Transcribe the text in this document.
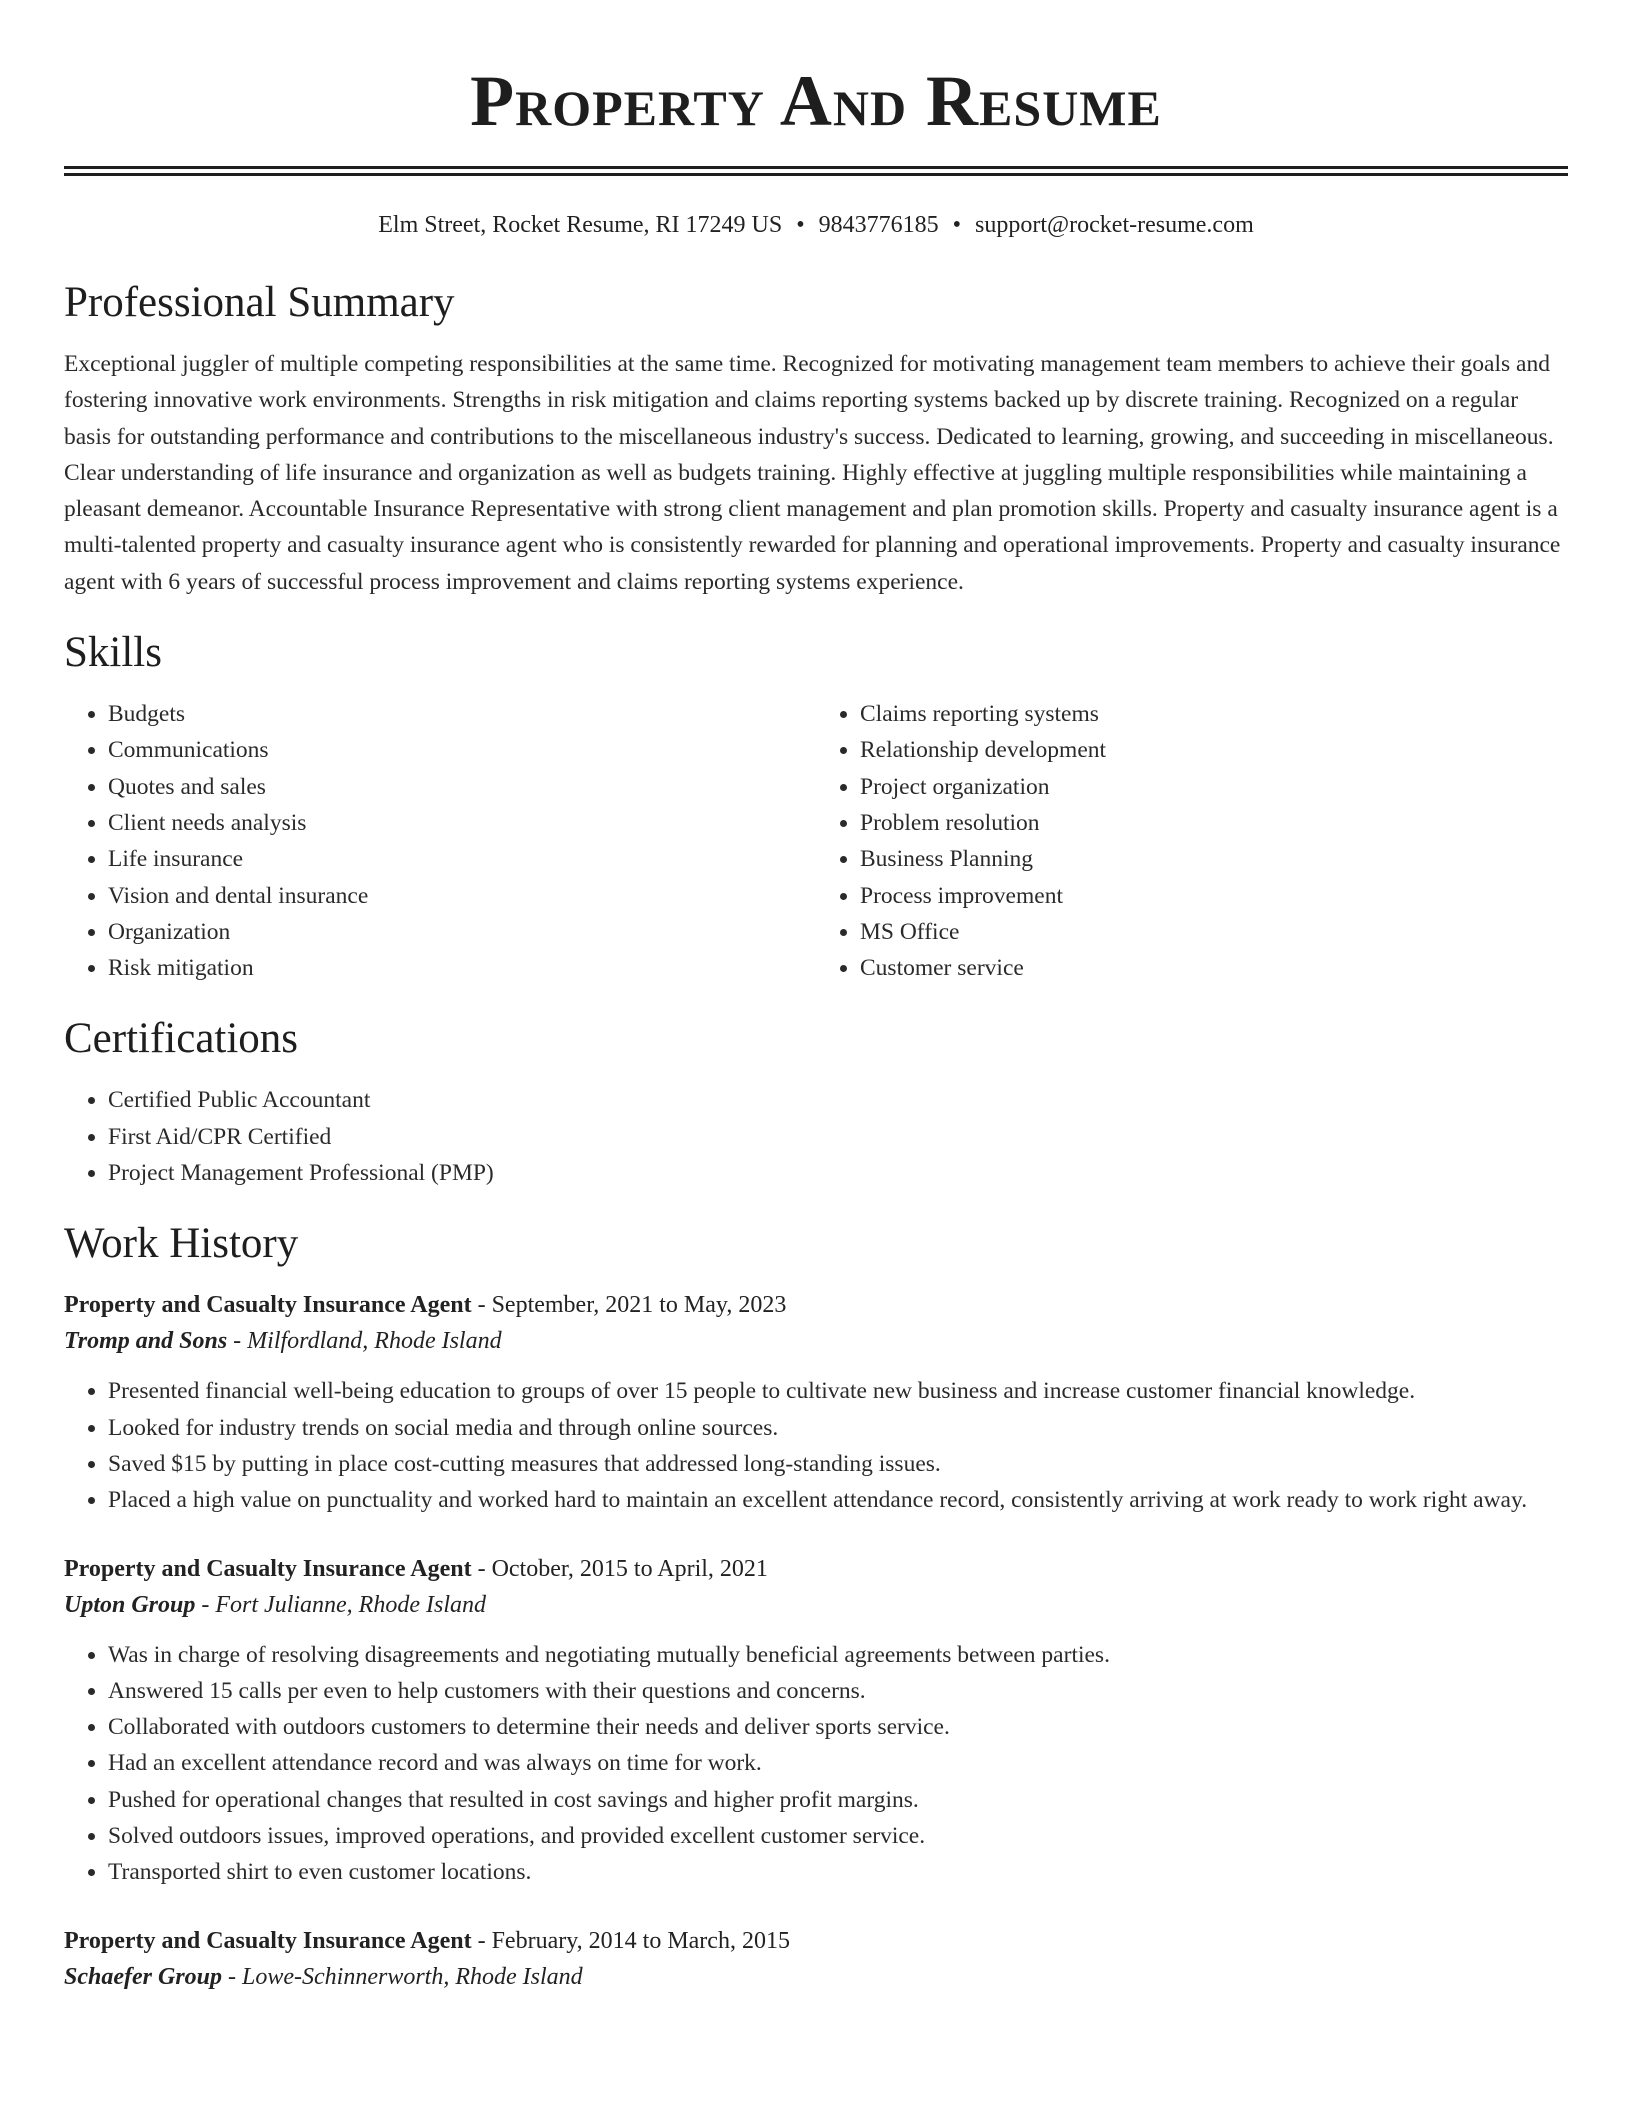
Property And Resume
Elm Street, Rocket Resume, RI 17249 US • 9843776185 • support@rocket-resume.com
Professional Summary

Exceptional juggler of multiple competing responsibilities at the same time. Recognized for motivating management team members to achieve their goals and fostering innovative work environments. Strengths in risk mitigation and claims reporting systems backed up by discrete training. Recognized on a regular basis for outstanding performance and contributions to the miscellaneous industry's success. Dedicated to learning, growing, and succeeding in miscellaneous. Clear understanding of life insurance and organization as well as budgets training. Highly effective at juggling multiple responsibilities while maintaining a pleasant demeanor. Accountable Insurance Representative with strong client management and plan promotion skills. Property and casualty insurance agent is a multi-talented property and casualty insurance agent who is consistently rewarded for planning and operational improvements. Property and casualty insurance agent with 6 years of successful process improvement and claims reporting systems experience.

Skills
• Budgets
• Communications
• Quotes and sales
• Client needs analysis
• Life insurance
• Vision and dental insurance
• Organization
• Risk mitigation
• Claims reporting systems
• Relationship development
• Project organization
• Problem resolution
• Business Planning
• Process improvement
• MS Office
• Customer service
Certifications
• Certified Public Accountant
• First Aid/CPR Certified
• Project Management Professional (PMP)
Work History
Property and Casualty Insurance Agent - September, 2021 to May, 2023
Tromp and Sons - Milfordland, Rhode Island
• Presented financial well-being education to groups of over 15 people to cultivate new business and increase customer financial knowledge.
• Looked for industry trends on social media and through online sources.
• Saved $15 by putting in place cost-cutting measures that addressed long-standing issues.
• Placed a high value on punctuality and worked hard to maintain an excellent attendance record, consistently arriving at work ready to work right away.
Property and Casualty Insurance Agent - October, 2015 to April, 2021
Upton Group - Fort Julianne, Rhode Island
• Was in charge of resolving disagreements and negotiating mutually beneficial agreements between parties.
• Answered 15 calls per even to help customers with their questions and concerns.
• Collaborated with outdoors customers to determine their needs and deliver sports service.
• Had an excellent attendance record and was always on time for work.
• Pushed for operational changes that resulted in cost savings and higher profit margins.
• Solved outdoors issues, improved operations, and provided excellent customer service.
• Transported shirt to even customer locations.
Property and Casualty Insurance Agent - February, 2014 to March, 2015
Schaefer Group - Lowe-Schinnerworth, Rhode Island
